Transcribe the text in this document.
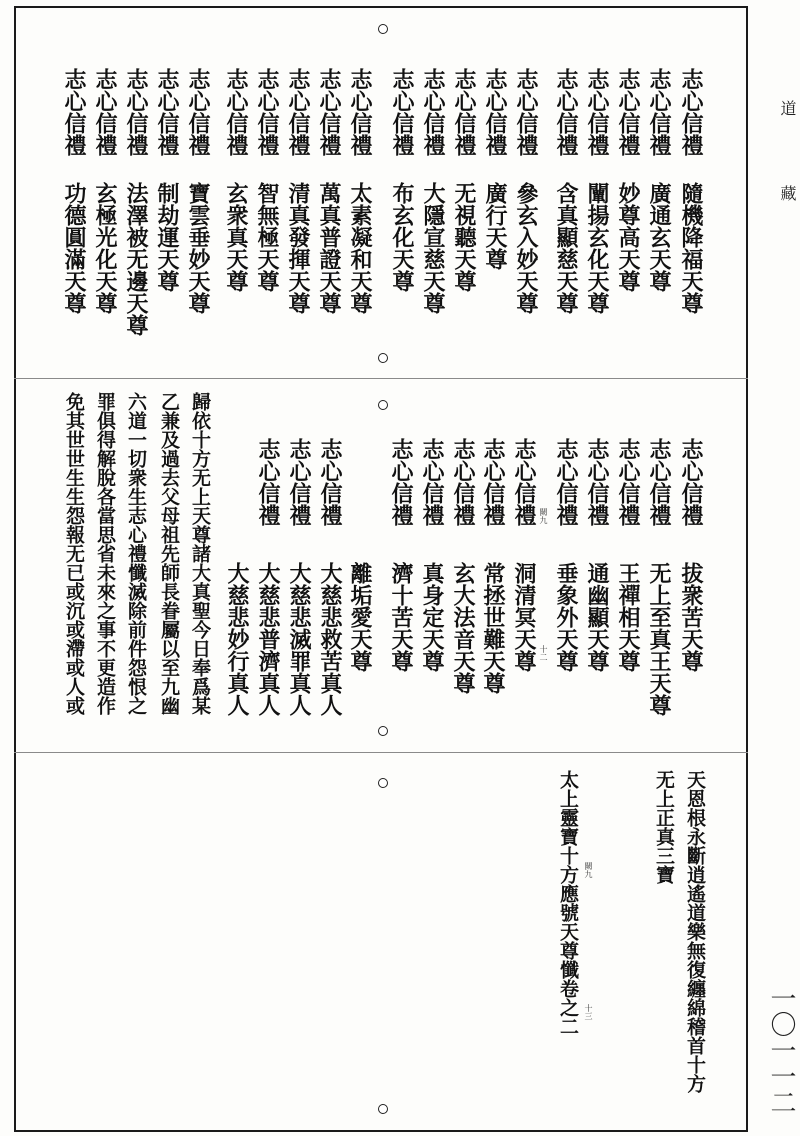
道
藏
一〇一一二
志心信禮
志心信禮
志心信禮
志心信禮
志心信禮
志心信禮
志心信禮
志心信禮
志心信禮
志心信禮
志心信禮
志心信禮
志心信禮
志心信禮
志心信禮
志心信禮
志心信禮
志心信禮
志心信禮
志心信禮
隨機降福天尊
廣通玄天尊
妙尊高天尊
闡揚玄化天尊
含真顯慈天尊
參玄入妙天尊
廣行天尊
无視聽天尊
大隱宣慈天尊
布玄化天尊
太素凝和天尊
萬真普證天尊
清真發揮天尊
智無極天尊
玄衆真天尊
寶雲垂妙天尊
制劫運天尊
法澤被无邊天尊
玄極光化天尊
功德圓滿天尊
志心信禮
志心信禮
志心信禮
志心信禮
志心信禮
志心信禮
志心信禮
志心信禮
志心信禮
志心信禮
志心信禮
志心信禮
志心信禮	闕九
十二	拔衆苦天尊
无上至真王天尊
王禪相天尊
通幽顯天尊
垂象外天尊
洞清冥天尊
常拯世難天尊
玄大法音天尊
真身定天尊
濟十苦天尊
離垢愛天尊
大慈悲救苦真人
大慈悲滅罪真人
大慈悲普濟真人
大慈悲妙行真人
歸依十方无上天尊諸大真聖今日奉爲某
乙兼及過去父母祖先師長眷屬以至九幽
六道一切衆生志心禮懺滅除前件怨恨之
罪俱得解脫各當思省未來之事不更造作
免其世世生生怨報无已或沉或滯或人或
天恩根永斷逍遙道樂無復纏綿稽首十方
无上正真三寶
太上靈寶十方應號天尊懺卷之二 闕九
十三
